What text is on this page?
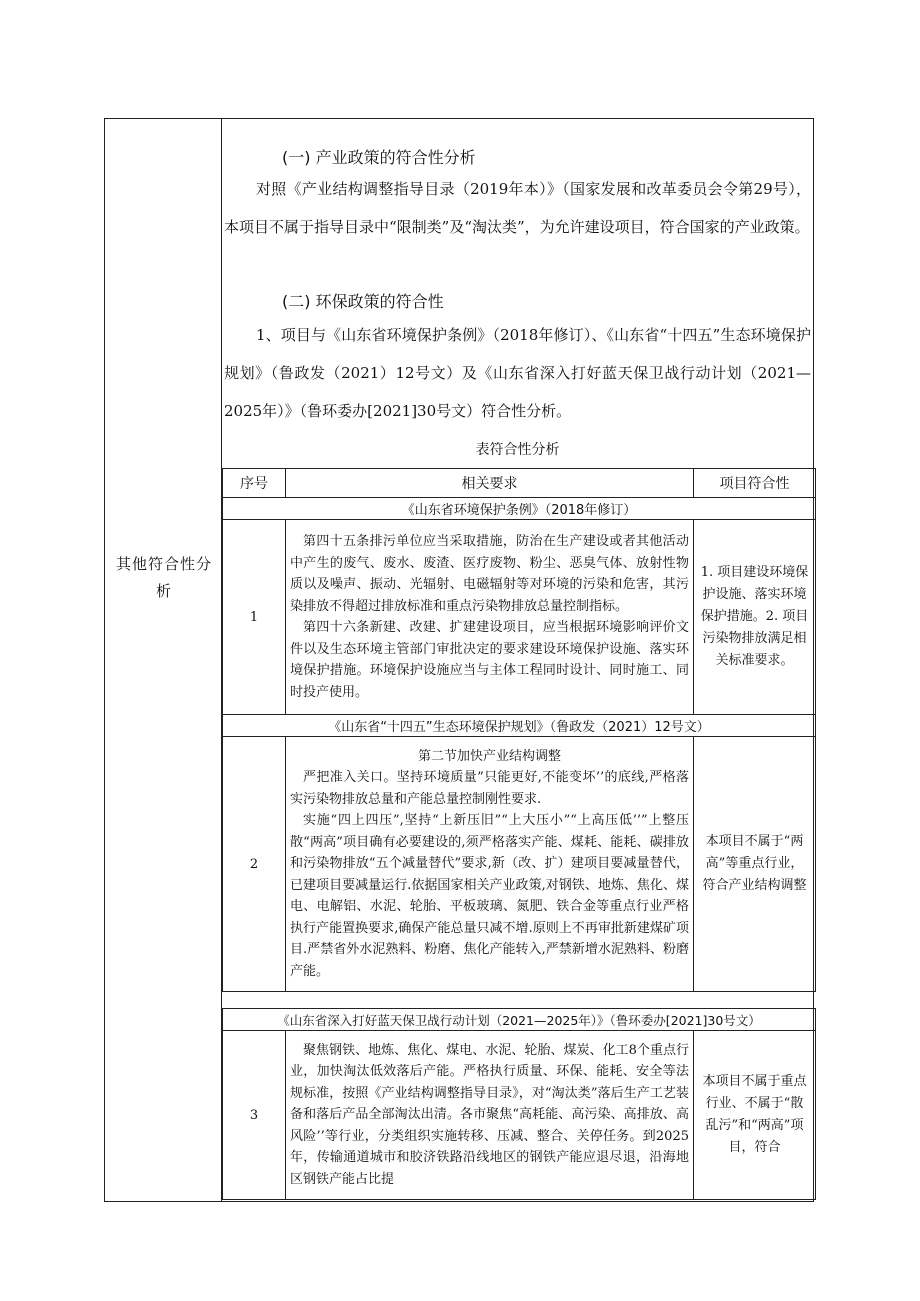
其他符合性分析
(一) 产业政策的符合性分析
对照《产业结构调整指导目录（2019年本）》（国家发展和改革委员会令第29号），本项目不属于指导目录中“限制类”及“淘汰类”，为允许建设项目，符合国家的产业政策。
(二) 环保政策的符合性
1、项目与《山东省环境保护条例》（2018年修订）、《山东省“十四五”生态环境保护规划》（鲁政发（2021）12号文）及《山东省深入打好蓝天保卫战行动计划（2021—2025年）》（鲁环委办[2021]30号文）符合性分析。
表符合性分析
序号	相关要求	项目符合性
《山东省环境保护条例》（2018年修订）		
1	第四十五条排污单位应当采取措施，防治在生产建设或者其他活动中产生的废气、废水、废渣、医疗废物、粉尘、恶臭气体、放射性物质以及噪声、振动、光辐射、电磁辐射等对环境的污染和危害，其污染排放不得超过排放标准和重点污染物排放总量控制指标。

第四十六条新建、改建、扩建建设项目，应当根据环境影响评价文件以及生态环境主管部门审批决定的要求建设环境保护设施、落实环境保护措施。环境保护设施应当与主体工程同时设计、同时施工、同时投产使用。	1. 项目建设环境保护设施、落实环境保护措施。2. 项目污染物排放满足相关标准要求。
《山东省“十四五”生态环境保护规划》（鲁政发（2021）12号文）		
2	第二节加快产业结构调整

严把准入关口。坚持环境质量”只能更好,不能变坏’’的底线,严格落实污染物排放总量和产能总量控制刚性要求.

实施“四上四压”,坚持“上新压旧”“上大压小”“上高压低’’”上整压散“两高”项目确有必要建设的,须严格落实产能、煤耗、能耗、碳排放和污染物排放“五个减量替代”要求,新（改、扩）建项目要减量替代，已建项目要减量运行.依据国家相关产业政策,对钢铁、地炼、焦化、煤电、电解铝、水泥、轮胎、平板玻璃、氮肥、铁合金等重点行业严格执行产能置换要求,确保产能总量只减不增.原则上不再审批新建煤矿项目.严禁省外水泥熟料、粉磨、焦化产能转入,严禁新增水泥熟料、粉磨产能。	本项目不属于“两高”等重点行业，符合产业结构调整

《山东省深入打好蓝天保卫战行动计划（2021—2025年）》（鲁环委办[2021]30号文）		
3	聚焦钢铁、地炼、焦化、煤电、水泥、轮胎、煤炭、化工8个重点行业，加快淘汰低效落后产能。严格执行质量、环保、能耗、安全等法规标准，按照《产业结构调整指导目录》，对“淘汰类”落后生产工艺装备和落后产品全部淘汰出清。各市聚焦“高耗能、高污染、高排放、高风险’’等行业，分类组织实施转移、压减、整合、关停任务。到2025年，传输通道城市和胶济铁路沿线地区的钢铁产能应退尽退，沿海地区钢铁产能占比提	本项目不属于重点行业、不属于“散乱污”和“两高”项目，符合
